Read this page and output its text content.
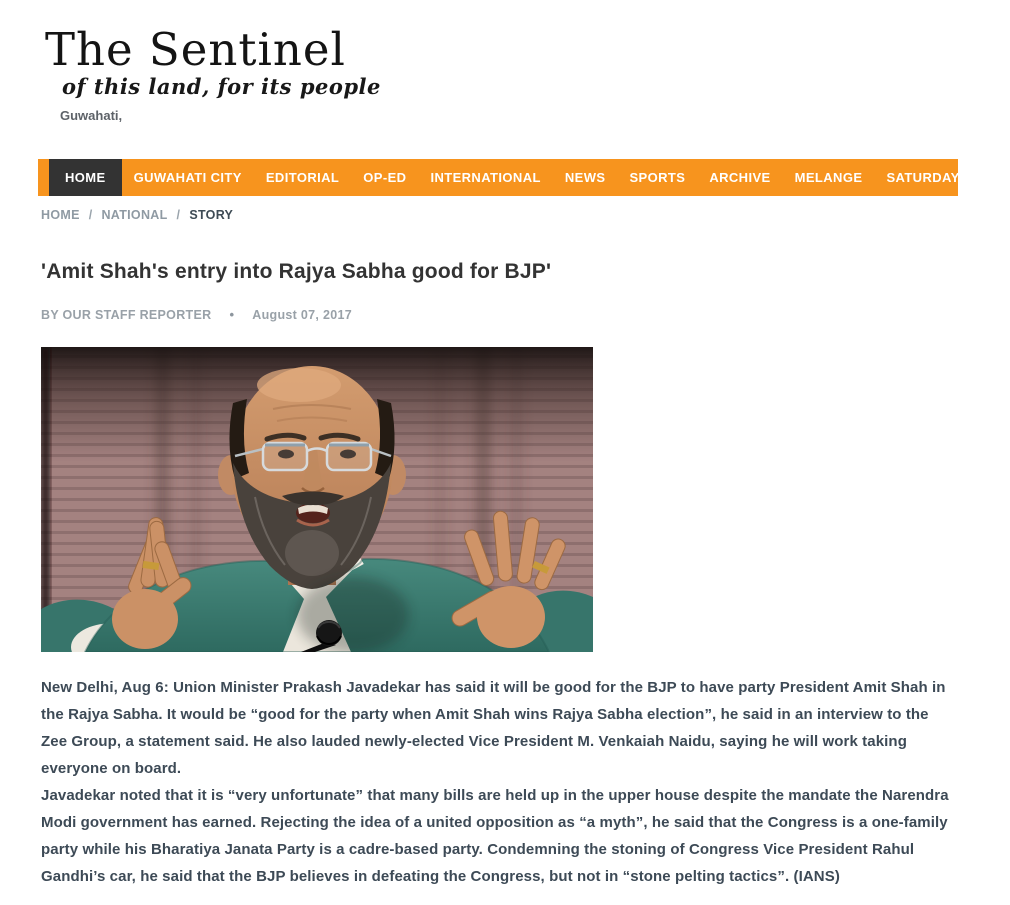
The Sentinel
of this land, for its people
Guwahati,
HOME	GUWAHATI CITY	EDITORIAL	OP-ED	INTERNATIONAL	NEWS	SPORTS	ARCHIVE	MELANGE	SATURDAY FARE
HOME / NATIONAL / STORY
'Amit Shah's entry into Rajya Sabha good for BJP'
BY OUR STAFF REPORTER • August 07, 2017

New Delhi, Aug 6: Union Minister Prakash Javadekar has said it will be good for the BJP to have party President Amit Shah in the Rajya Sabha. It would be “good for the party when Amit Shah wins Rajya Sabha election”, he said in an interview to the Zee Group, a statement said. He also lauded newly-elected Vice President M. Venkaiah Naidu, saying he will work taking everyone on board.

Javadekar noted that it is “very unfortunate” that many bills are held up in the upper house despite the mandate the Narendra Modi government has earned. Rejecting the idea of a united opposition as “a myth”, he said that the Congress is a one-family party while his Bharatiya Janata Party is a cadre-based party. Condemning the stoning of Congress Vice President Rahul Gandhi’s car, he said that the BJP believes in defeating the Congress, but not in “stone pelting tactics”. (IANS)
